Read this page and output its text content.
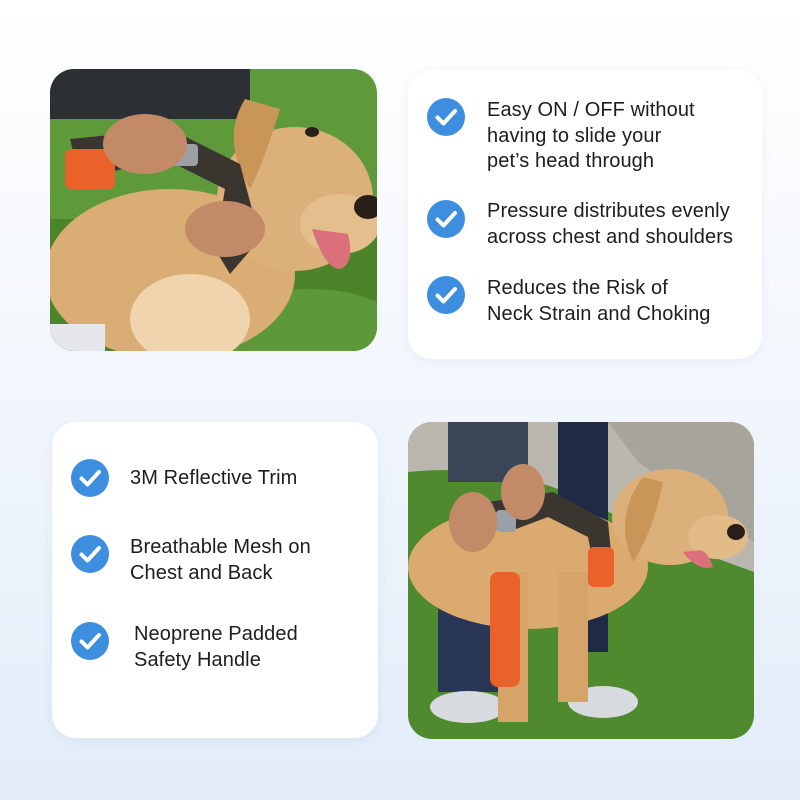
Easy ON / OFF without
having to slide your
pet’s head through
Pressure distributes evenly
across chest and shoulders
Reduces the Risk of
Neck Strain and Choking
3M Reflective Trim
Breathable Mesh on
Chest and Back
Neoprene Padded
Safety Handle
